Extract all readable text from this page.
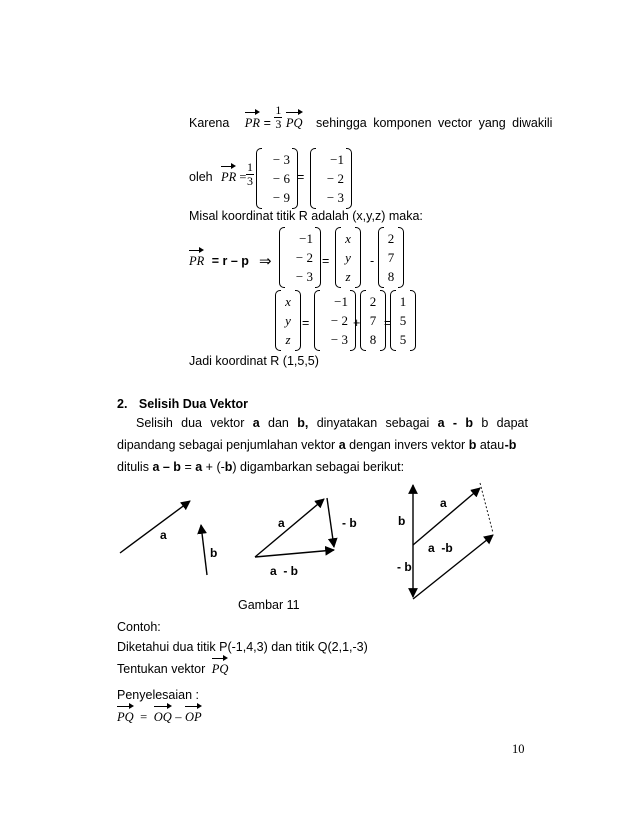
Karena PR = $\frac{1}{3}$ PQ sehingga komponen vector yang diwakili
oleh PR = $\frac{1}{3}$
− 3
− 6
− 9
=
−1
− 2
− 3
Misal koordinat titik R adalah (x,y,z) maka:
PR = r – p ⇒
−1
− 2
− 3
=
x
y
z
-
2
7
8
x
y
z
=
−1
− 2
− 3
+
2
7
8
=
1
5
5
Jadi koordinat R (1,5,5)
2. Selisih Dua Vektor
Selisih dua vektor a dan b, dinyatakan sebagai a - b b dapat
dipandang sebagai penjumlahan vektor a dengan invers vektor b atau -b
ditulis a – b = a + (-b) digambarkan sebagai berikut:
a
b
a	- b
a  - b
a
b
a  -b
- b
Gambar 11
Contoh:
Diketahui dua titik P(-1,4,3) dan titik Q(2,1,-3)
Tentukan vektor PQ
Penyelesaian :
PQ = OQ – OP
10
